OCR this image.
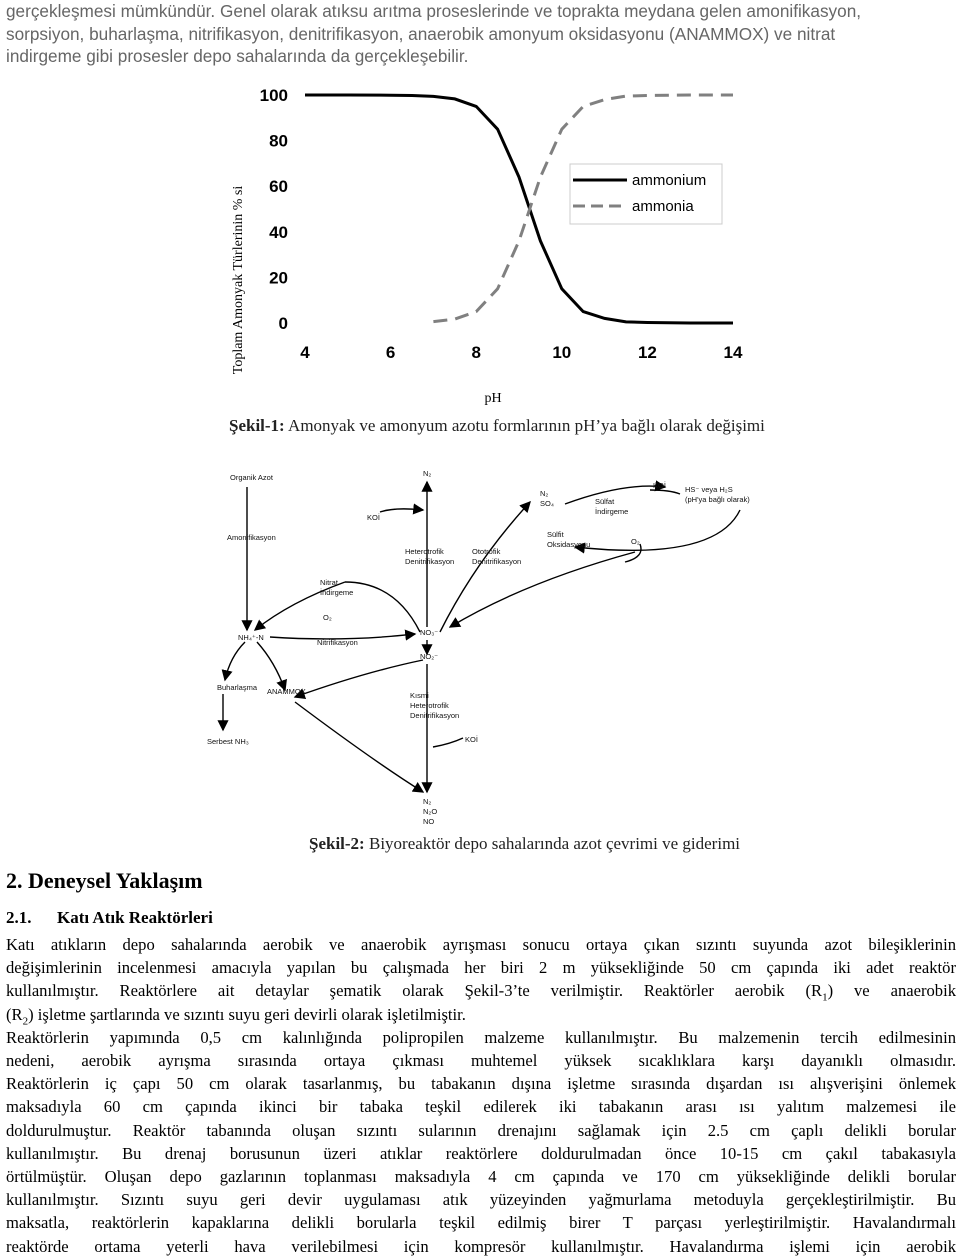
gerçekleşmesi mümkündür. Genel olarak atıksu arıtma proseslerinde ve toprakta meydana gelen amonifikasyon,
sorpsiyon, buharlaşma, nitrifikasyon, denitrifikasyon, anaerobik amonyum oksidasyonu (ANAMMOX) ve nitrat
indirgeme gibi prosesler depo sahalarında da gerçekleşebilir.
Toplam Amonyak Türlerinin % si 0
20
40
60
80
100
4	6	8	10	12	14
ammonium
ammonia
pH
Şekil-1: Amonyak ve amonyum azotu formlarının pH’ya bağlı olarak değişimi
Organik Azot
Amonifikasyon
Nitrat
İndirgeme
NH₄⁺-N
O₂
Nitrifikasyon
NO₃⁻
NO₂⁻
N₂
KOİ
Heterotrofik
Denitrifikasyon
Ototrofik
Denitrifikasyon
N₂
SO₄	Sülfat
İndirgeme
KOİ	HS⁻ veya H₂S
(pH'ya bağlı olarak)
Sülfit
Oksidasyonu	O₂
Buharlaşma ANAMMOX
Serbest NH₃
Kısmi
Heterotrofik
Denitrifikasyon
KOİ
N₂
N₂O
NO
Şekil-2: Biyoreaktör depo sahalarında azot çevrimi ve giderimi
2. Deneysel Yaklaşım
2.1. Katı Atık Reaktörleri
Katı atıkların depo sahalarında aerobik ve anaerobik ayrışması sonucu ortaya çıkan sızıntı suyunda azot bileşiklerinin
değişimlerinin incelenmesi amacıyla yapılan bu çalışmada her biri 2 m yüksekliğinde 50 cm çapında iki adet reaktör
kullanılmıştır. Reaktörlere ait detaylar şematik olarak Şekil-3’te verilmiştir. Reaktörler aerobik $(R_1)$ ve anaerobik
$(R_2)$ işletme şartlarında ve sızıntı suyu geri devirli olarak işletilmiştir.
Reaktörlerin yapımında 0,5 cm kalınlığında polipropilen malzeme kullanılmıştır. Bu malzemenin tercih edilmesinin
nedeni, aerobik ayrışma sırasında ortaya çıkması muhtemel yüksek sıcaklıklara karşı dayanıklı olmasıdır.
Reaktörlerin iç çapı 50 cm olarak tasarlanmış, bu tabakanın dışına işletme sırasında dışardan ısı alışverişini önlemek
maksadıyla 60 cm çapında ikinci bir tabaka teşkil edilerek iki tabakanın arası ısı yalıtım malzemesi ile
doldurulmuştur. Reaktör tabanında oluşan sızıntı sularının drenajını sağlamak için 2.5 cm çaplı delikli borular
kullanılmıştır. Bu drenaj borusunun üzeri atıklar reaktörlere doldurulmadan önce 10-15 cm çakıl tabakasıyla
örtülmüştür. Oluşan depo gazlarının toplanması maksadıyla 4 cm çapında ve 170 cm yüksekliğinde delikli borular
kullanılmıştır. Sızıntı suyu geri devir uygulaması atık yüzeyinden yağmurlama metoduyla gerçekleştirilmiştir. Bu
maksatla, reaktörlerin kapaklarına delikli borularla teşkil edilmiş birer T parçası yerleştirilmiştir. Havalandırmalı
reaktörde ortama yeterli hava verilebilmesi için kompresör kullanılmıştır. Havalandırma işlemi için aerobik
